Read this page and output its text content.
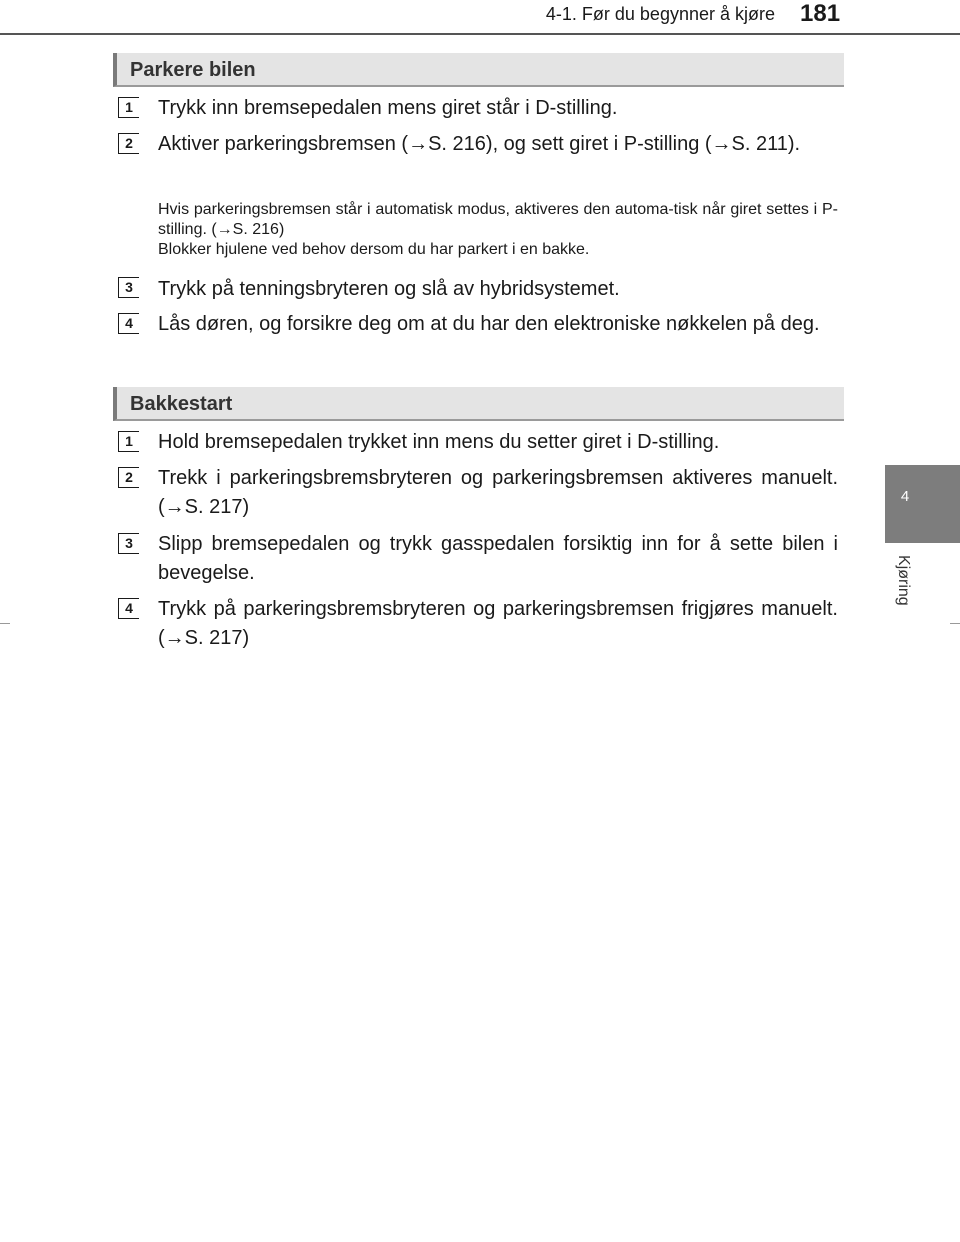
4-1. Før du begynner å kjøre 181
4
Kjøring
Parkere bilen
1	Trykk inn bremsepedalen mens giret står i D-stilling.

2	Aktiver parkeringsbremsen (→S. 216), og sett giret i P-stilling (→S. 211).

Hvis parkeringsbremsen står i automatisk modus, aktiveres den automa-tisk når giret settes i P-stilling. (→S. 216)
Blokker hjulene ved behov dersom du har parkert i en bakke.
3	Trykk på tenningsbryteren og slå av hybridsystemet.

4	Lås døren, og forsikre deg om at du har den elektroniske nøkkelen på deg.

Bakkestart
1	Hold bremsepedalen trykket inn mens du setter giret i D-stilling.

2	Trekk i parkeringsbremsbryteren og parkeringsbremsen aktiveres manuelt. (→S. 217)

3	Slipp bremsepedalen og trykk gasspedalen forsiktig inn for å sette bilen i bevegelse.

4	Trykk på parkeringsbremsbryteren og parkeringsbremsen frigjøres manuelt. (→S. 217)
